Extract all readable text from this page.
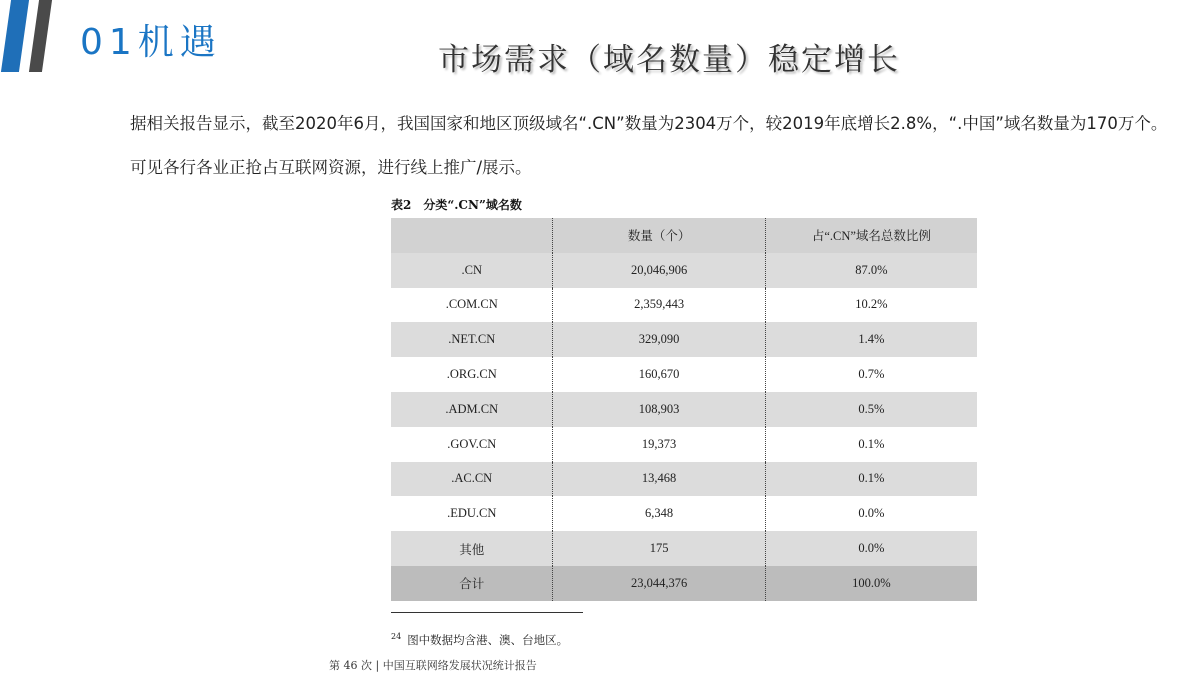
01机遇	市场需求（域名数量）稳定增长
据相关报告显示，截至2020年6月，我国国家和地区顶级域名“.CN”数量为2304万个，较2019年底增长2.8%，“.中国”域名数量为170万个。可见各行各业正抢占互联网资源，进行线上推广/展示。
表2　分类“.CN”域名数
	数量（个）	占“.CN”域名总数比例
.CN	20,046,906	87.0%
.COM.CN	2,359,443	10.2%
.NET.CN	329,090	1.4%
.ORG.CN	160,670	0.7%
.ADM.CN	108,903	0.5%
.GOV.CN	19,373	0.1%
.AC.CN	13,468	0.1%
.EDU.CN	6,348	0.0%
其他	175	0.0%
合计	23,044,376	100.0%
$^{24}$ 图中数据均含港、澳、台地区。
第 46 次 | 中国互联网络发展状况统计报告
